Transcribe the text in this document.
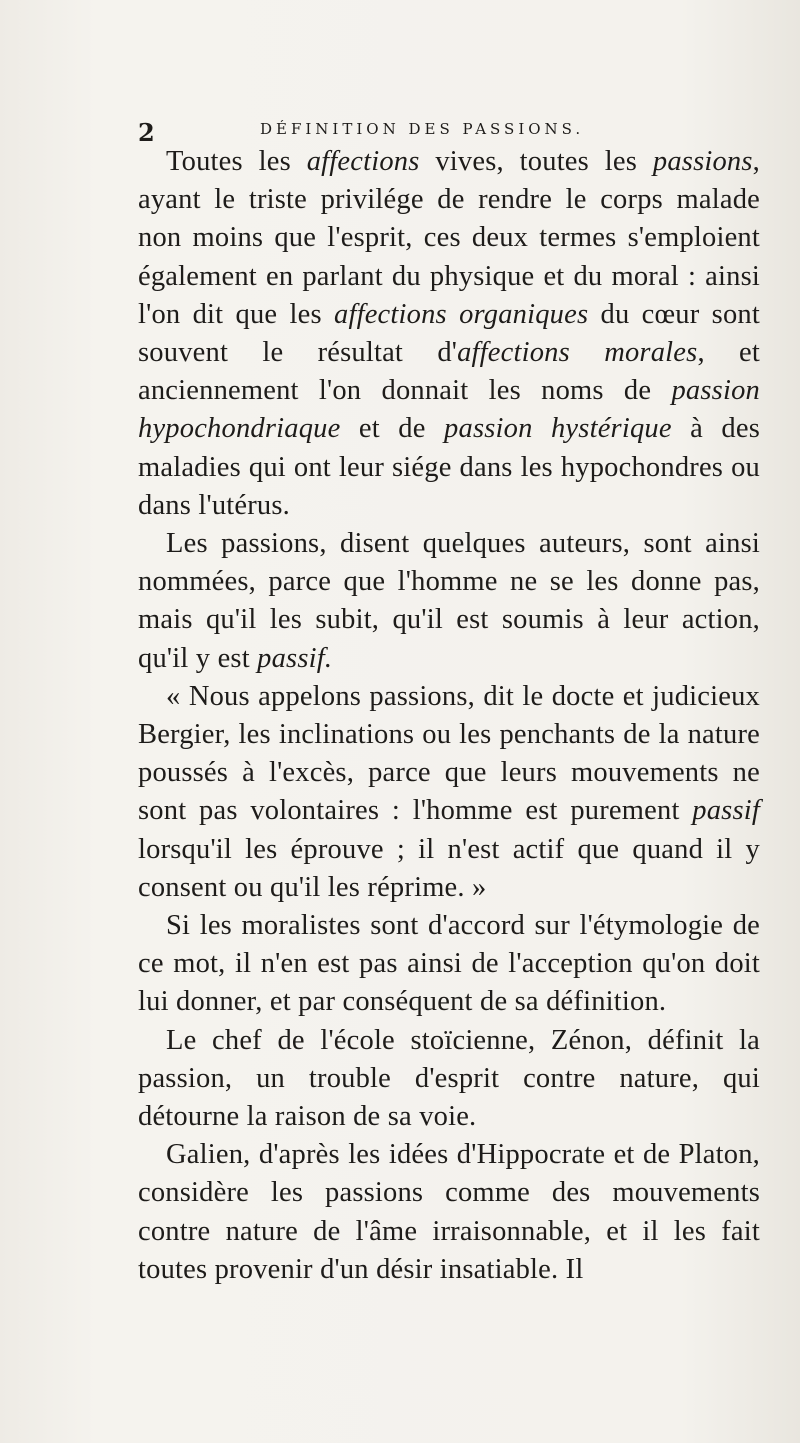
2	DÉFINITION DES PASSIONS.

Toutes les affections vives, toutes les passions, ayant le triste privilége de rendre le corps malade non moins que l'esprit, ces deux termes s'emploient également en parlant du physique et du moral : ainsi l'on dit que les affections organiques du cœur sont souvent le résultat d'affections morales, et anciennement l'on donnait les noms de passion hypochondriaque et de passion hystérique à des maladies qui ont leur siége dans les hypochondres ou dans l'utérus.

Les passions, disent quelques auteurs, sont ainsi nommées, parce que l'homme ne se les donne pas, mais qu'il les subit, qu'il est soumis à leur action, qu'il y est passif.

« Nous appelons passions, dit le docte et judicieux Bergier, les inclinations ou les penchants de la nature poussés à l'excès, parce que leurs mouvements ne sont pas volontaires : l'homme est purement passif lorsqu'il les éprouve ; il n'est actif que quand il y consent ou qu'il les réprime. »

Si les moralistes sont d'accord sur l'étymologie de ce mot, il n'en est pas ainsi de l'acception qu'on doit lui donner, et par conséquent de sa définition.

Le chef de l'école stoïcienne, Zénon, définit la passion, un trouble d'esprit contre nature, qui détourne la raison de sa voie.

Galien, d'après les idées d'Hippocrate et de Platon, considère les passions comme des mouvements contre nature de l'âme irraisonnable, et il les fait toutes provenir d'un désir insatiable. Il
